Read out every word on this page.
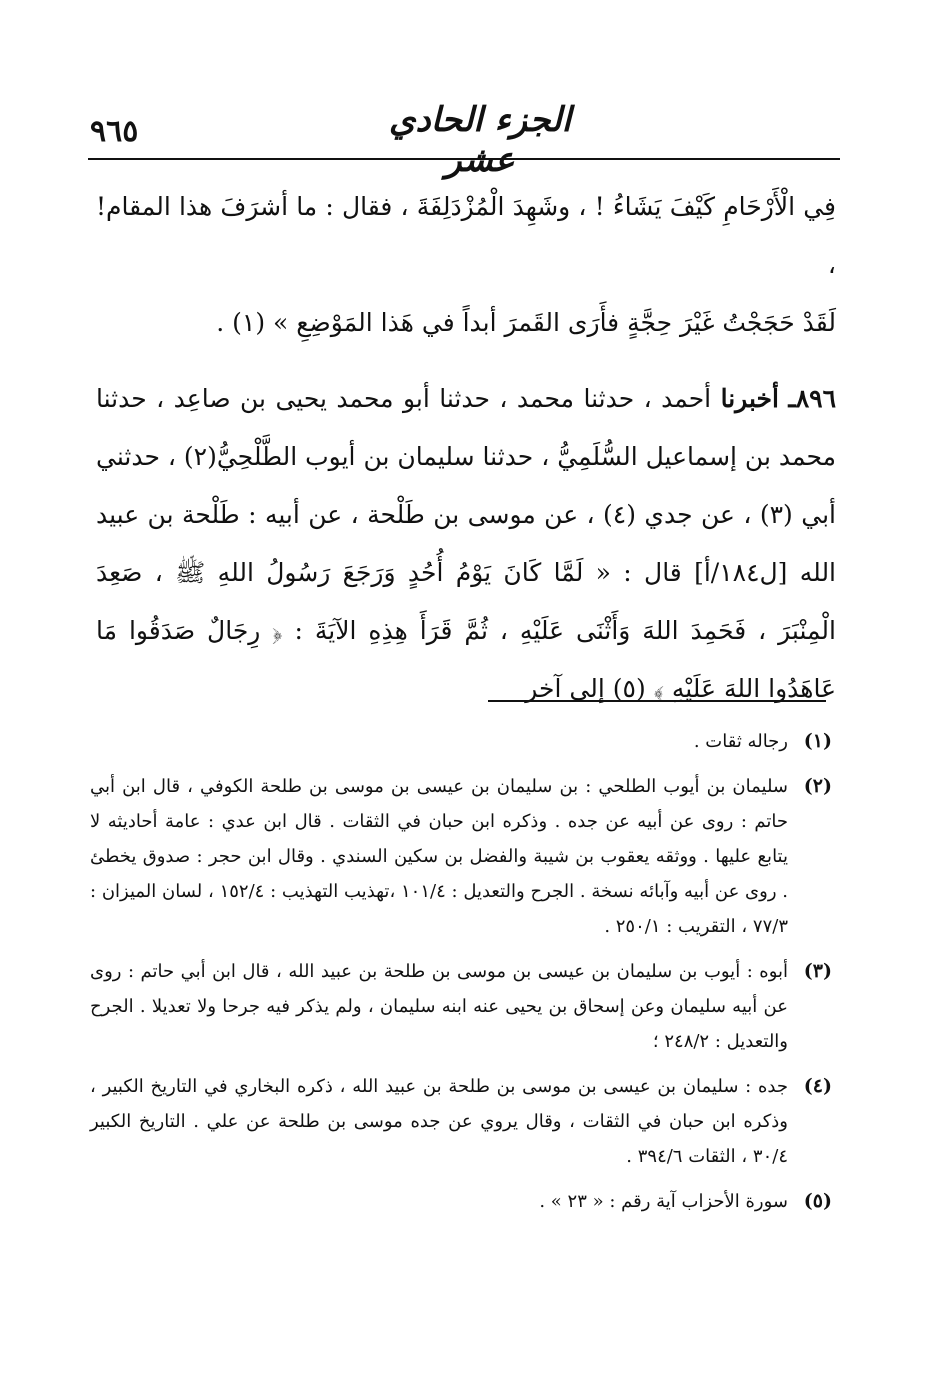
٩٦٥	الجزء الحادي عشر

فِي الْأَرْحَامِ كَيْفَ يَشَاءُ ! ، وشَهِدَ الْمُزْدَلِفَةَ ، فقال : ما أشرَفَ هذا المقام! ،

لَقَدْ حَجَجْتُ غَيْرَ حِجَّةٍ فأَرَى القَمرَ أبداً في هَذا المَوْضِعِ » (١) .

٨٩٦ـ أخبرنا أحمد ، حدثنا محمد ، حدثنا أبو محمد يحيى بن صاعِد ، حدثنا محمد بن إسماعيل السُّلَمِيُّ ، حدثنا سليمان بن أيوب الطَّلْحِيُّ(٢) ، حدثني أبي (٣) ، عن جدي (٤) ، عن موسى بن طَلْحة ، عن أبيه : طَلْحة بن عبيد الله [ل١٨٤/أ] قال : « لَمَّا كَانَ يَوْمُ أُحُدٍ وَرَجَعَ رَسُولُ اللهِ ﷺ ، صَعِدَ الْمِنْبَرَ ، فَحَمِدَ اللهَ وَأَثْنَى عَلَيْهِ ، ثُمَّ قَرَأَ هِذِهِ الآيَةَ : ﴿ رِجَالٌ صَدَقُوا مَا عَاهَدُوا اللهَ عَلَيْهِ ﴾ (٥) إلى آخر

(١)
رجاله ثقات .
(٢)
سليمان بن أيوب الطلحي : بن سليمان بن عيسى بن موسى بن طلحة الكوفي ، قال ابن أبي حاتم : روى عن أبيه عن جده . وذكره ابن حبان في الثقات . قال ابن عدي : عامة أحاديثه لا يتابع عليها . ووثقه يعقوب بن شيبة والفضل بن سكين السندي . وقال ابن حجر : صدوق يخطئ . روى عن أبيه وآبائه نسخة . الجرح والتعديل : ١٠١/٤ ،تهذيب التهذيب : ١٥٢/٤ ، لسان الميزان : ٧٧/٣ ، التقريب : ٢٥٠/١ .
(٣)
أبوه : أيوب بن سليمان بن عيسى بن موسى بن طلحة بن عبيد الله ، قال ابن أبي حاتم : روى عن أبيه سليمان وعن إسحاق بن يحيى عنه ابنه سليمان ، ولم يذكر فيه جرحا ولا تعديلا . الجرح والتعديل : ٢٤٨/٢ ؛
(٤)
جده : سليمان بن عيسى بن موسى بن طلحة بن عبيد الله ، ذكره البخاري في التاريخ الكبير ، وذكره ابن حبان في الثقات ، وقال يروي عن جده موسى بن طلحة عن علي . التاريخ الكبير ٣٠/٤ ، الثقات ٣٩٤/٦ .
(٥)
سورة الأحزاب آية رقم : « ٢٣ » .
